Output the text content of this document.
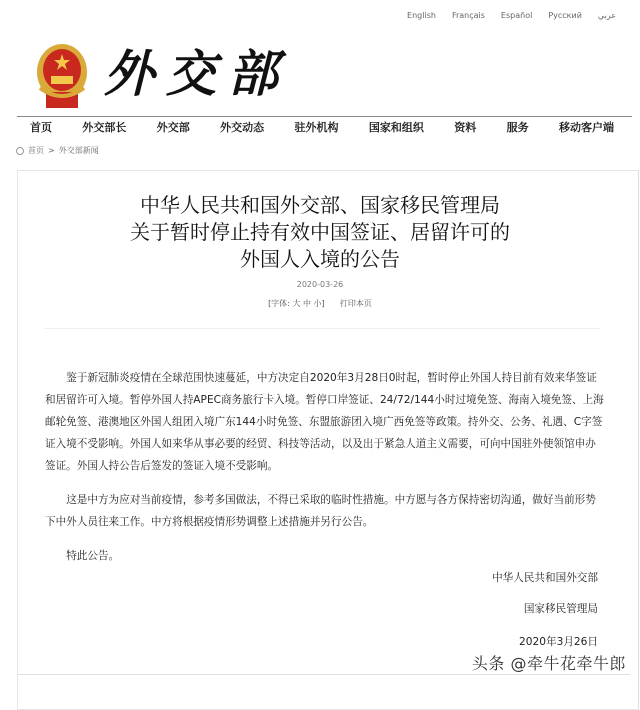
English Français Español Русский عربي
外交部
首页	外交部长	外交部	外交动态	驻外机构	国家和组织	资料	服务	移动客户端
首页 > 外交部新闻
中华人民共和国外交部、国家移民管理局
关于暂时停止持有效中国签证、居留许可的
外国人入境的公告
2020-03-26
[字体: 大 中 小] 打印本页

鉴于新冠肺炎疫情在全球范围快速蔓延，中方决定自2020年3月28日0时起，暂时停止外国人持目前有效来华签证和居留许可入境。暂停外国人持APEC商务旅行卡入境。暂停口岸签证、24/72/144小时过境免签、海南入境免签、上海邮轮免签、港澳地区外国人组团入境广东144小时免签、东盟旅游团入境广西免签等政策。持外交、公务、礼遇、C字签证入境不受影响。外国人如来华从事必要的经贸、科技等活动，以及出于紧急人道主义需要，可向中国驻外使领馆申办签证。外国人持公告后签发的签证入境不受影响。

这是中方为应对当前疫情，参考多国做法，不得已采取的临时性措施。中方愿与各方保持密切沟通，做好当前形势下中外人员往来工作。中方将根据疫情形势调整上述措施并另行公告。

特此公告。

中华人民共和国外交部
国家移民管理局
2020年3月26日
头条 @牵牛花牵牛郎
